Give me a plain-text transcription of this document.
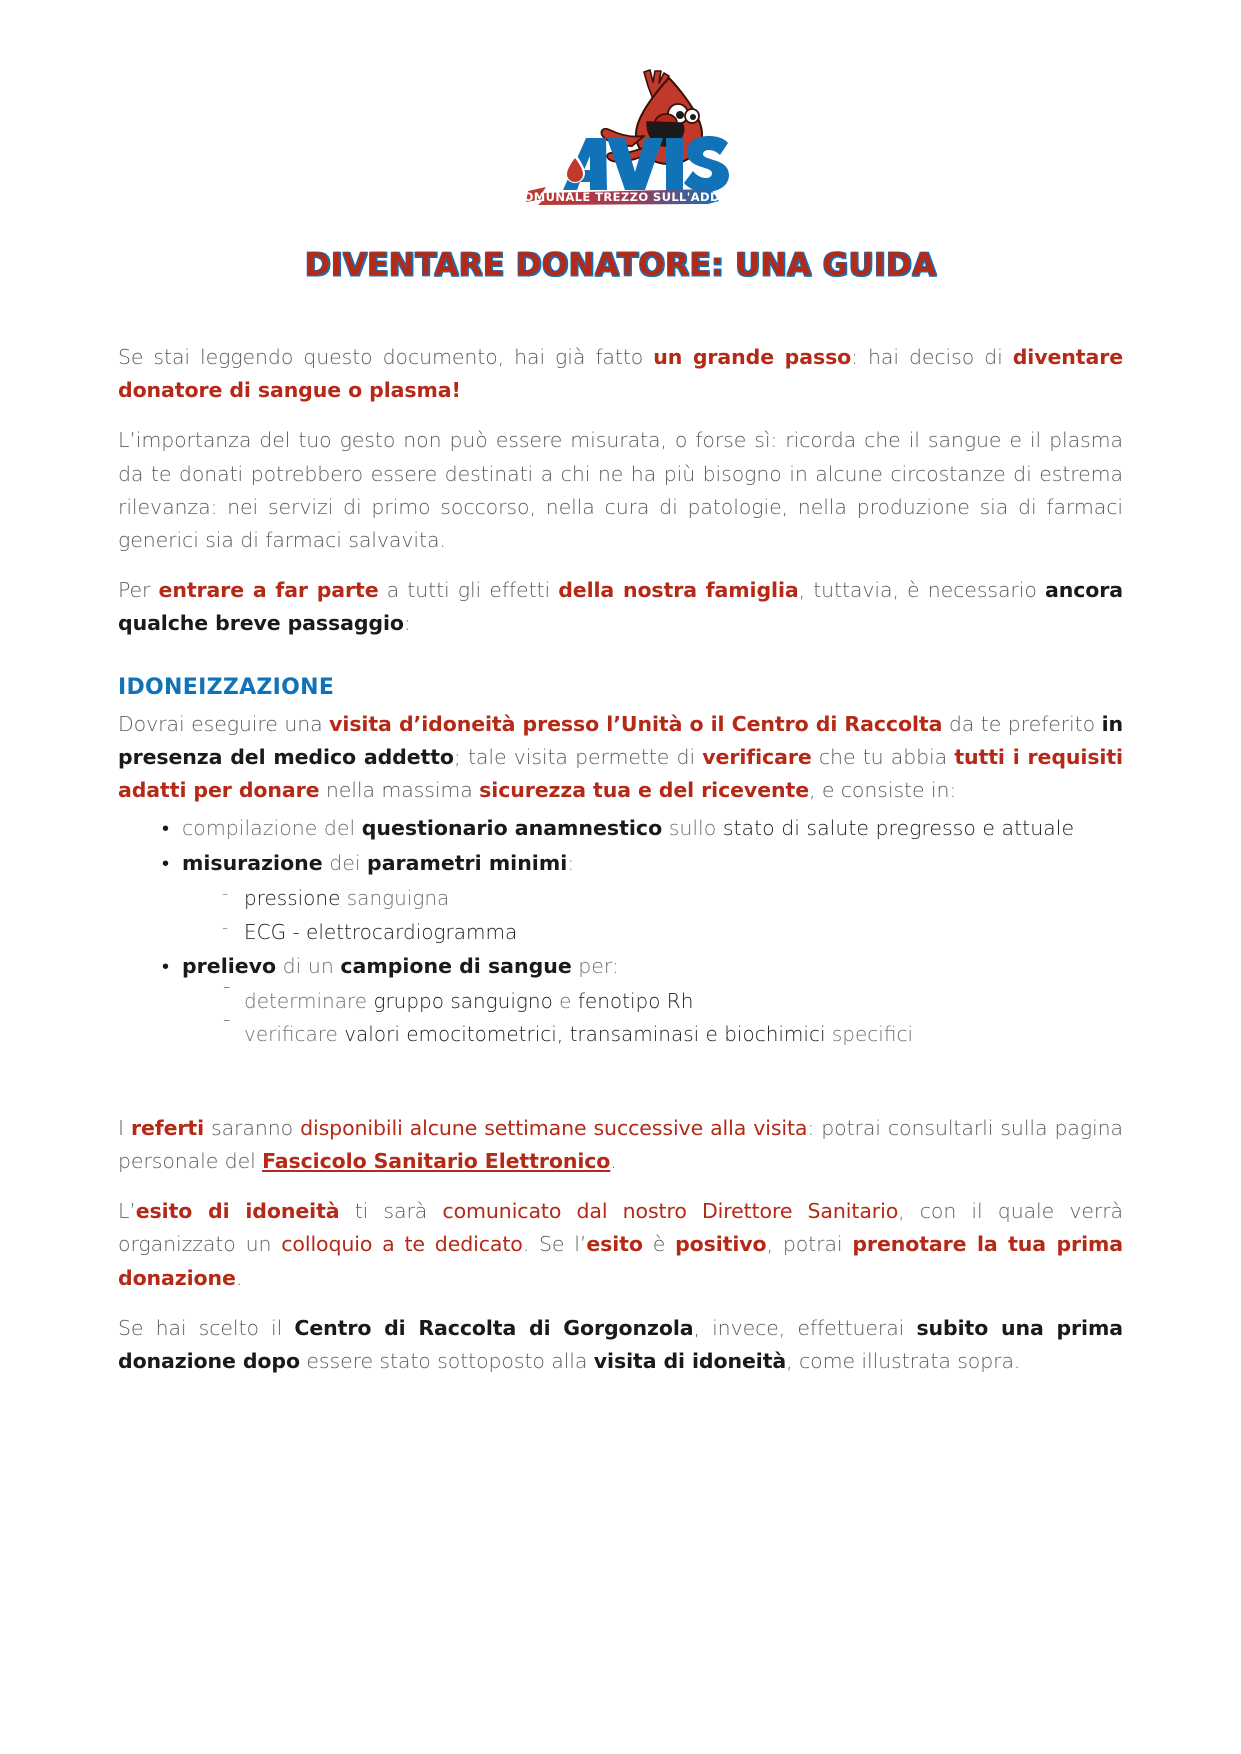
COMUNALE TREZZO SULL'ADDA
DIVENTARE DONATORE: UNA GUIDA

Se stai leggendo questo documento, hai già fatto un grande passo: hai deciso di diventare donatore di sangue o plasma!

L’importanza del tuo gesto non può essere misurata, o forse sì: ricorda che il sangue e il plasma da te donati potrebbero essere destinati a chi ne ha più bisogno in alcune circostanze di estrema rilevanza: nei servizi di primo soccorso, nella cura di patologie, nella produzione sia di farmaci generici sia di farmaci salvavita.

Per entrare a far parte a tutti gli effetti della nostra famiglia, tuttavia, è necessario ancora qualche breve passaggio:

IDONEIZZAZIONE

Dovrai eseguire una visita d’idoneità presso l’Unità o il Centro di Raccolta da te preferito in presenza del medico addetto; tale visita permette di verificare che tu abbia tutti i requisiti adatti per donare nella massima sicurezza tua e del ricevente, e consiste in:

• compilazione del questionario anamnestico sullo stato di salute pregresso e attuale
• misurazione dei parametri minimi:
- pressione sanguigna
- ECG - elettrocardiogramma
• prelievo di un campione di sangue per:
¯ determinare gruppo sanguigno e fenotipo Rh
¯ verificare valori emocitometrici, transaminasi e biochimici specifici

I referti saranno disponibili alcune settimane successive alla visita: potrai consultarli sulla pagina personale del Fascicolo Sanitario Elettronico.

L’esito di idoneità ti sarà comunicato dal nostro Direttore Sanitario, con il quale verrà organizzato un colloquio a te dedicato. Se l’esito è positivo, potrai prenotare la tua prima donazione.

Se hai scelto il Centro di Raccolta di Gorgonzola, invece, effettuerai subito una prima donazione dopo essere stato sottoposto alla visita di idoneità, come illustrata sopra.
